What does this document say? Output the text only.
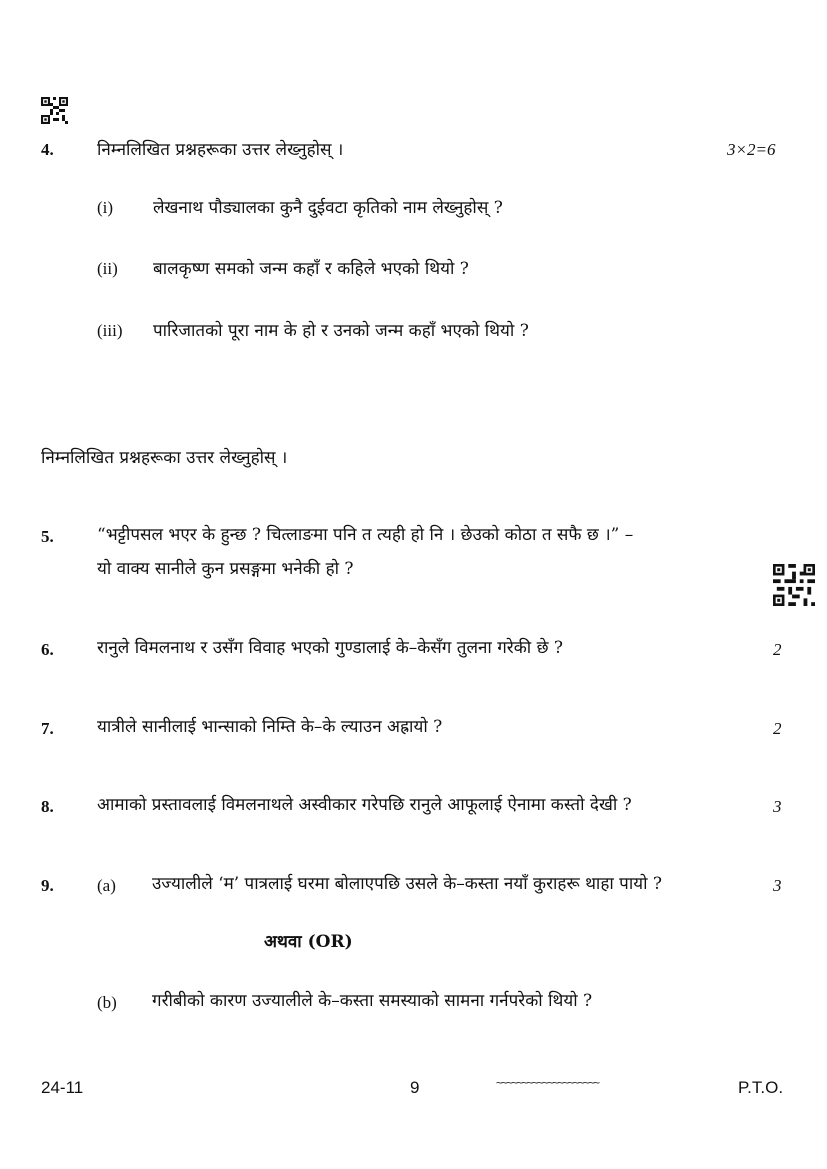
4.	निम्नलिखित प्रश्नहरूका उत्तर लेख्नुहोस् ।	3×2=6
(i) लेखनाथ पौड्यालका कुनै दुईवटा कृतिको नाम लेख्नुहोस् ?
(ii) बालकृष्ण समको जन्म कहाँ र कहिले भएको थियो ?
(iii) पारिजातको पूरा नाम के हो र उनको जन्म कहाँ भएको थियो ?
निम्नलिखित प्रश्नहरूका उत्तर लेख्नुहोस् ।
5.	“भट्टीपसल भएर के हुन्छ ? चित्लाङमा पनि त त्यही हो नि । छेउको कोठा त सफै छ ।” –
यो वाक्य सानीले कुन प्रसङ्गमा भनेकी हो ?
6.	रानुले विमलनाथ र उसँग विवाह भएको गुण्डालाई के–केसँग तुलना गरेकी छे ?	2
7.	यात्रीले सानीलाई भान्साको निम्ति के–के ल्याउन अह्रायो ?	2
8.	आमाको प्रस्तावलाई विमलनाथले अस्वीकार गरेपछि रानुले आफूलाई ऐनामा कस्तो देखी ?	3
9.	(a) उज्यालीले ‘म’ पात्रलाई घरमा बोलाएपछि उसले के–कस्ता नयाँ कुराहरू थाहा पायो ?	3
अथवा (OR)
(b) गरीबीको कारण उज्यालीले के–कस्ता समस्याको सामना गर्नपरेको थियो ?
24-11	9	~~~~~~~~~~~~~~~~~~~~	P.T.O.
